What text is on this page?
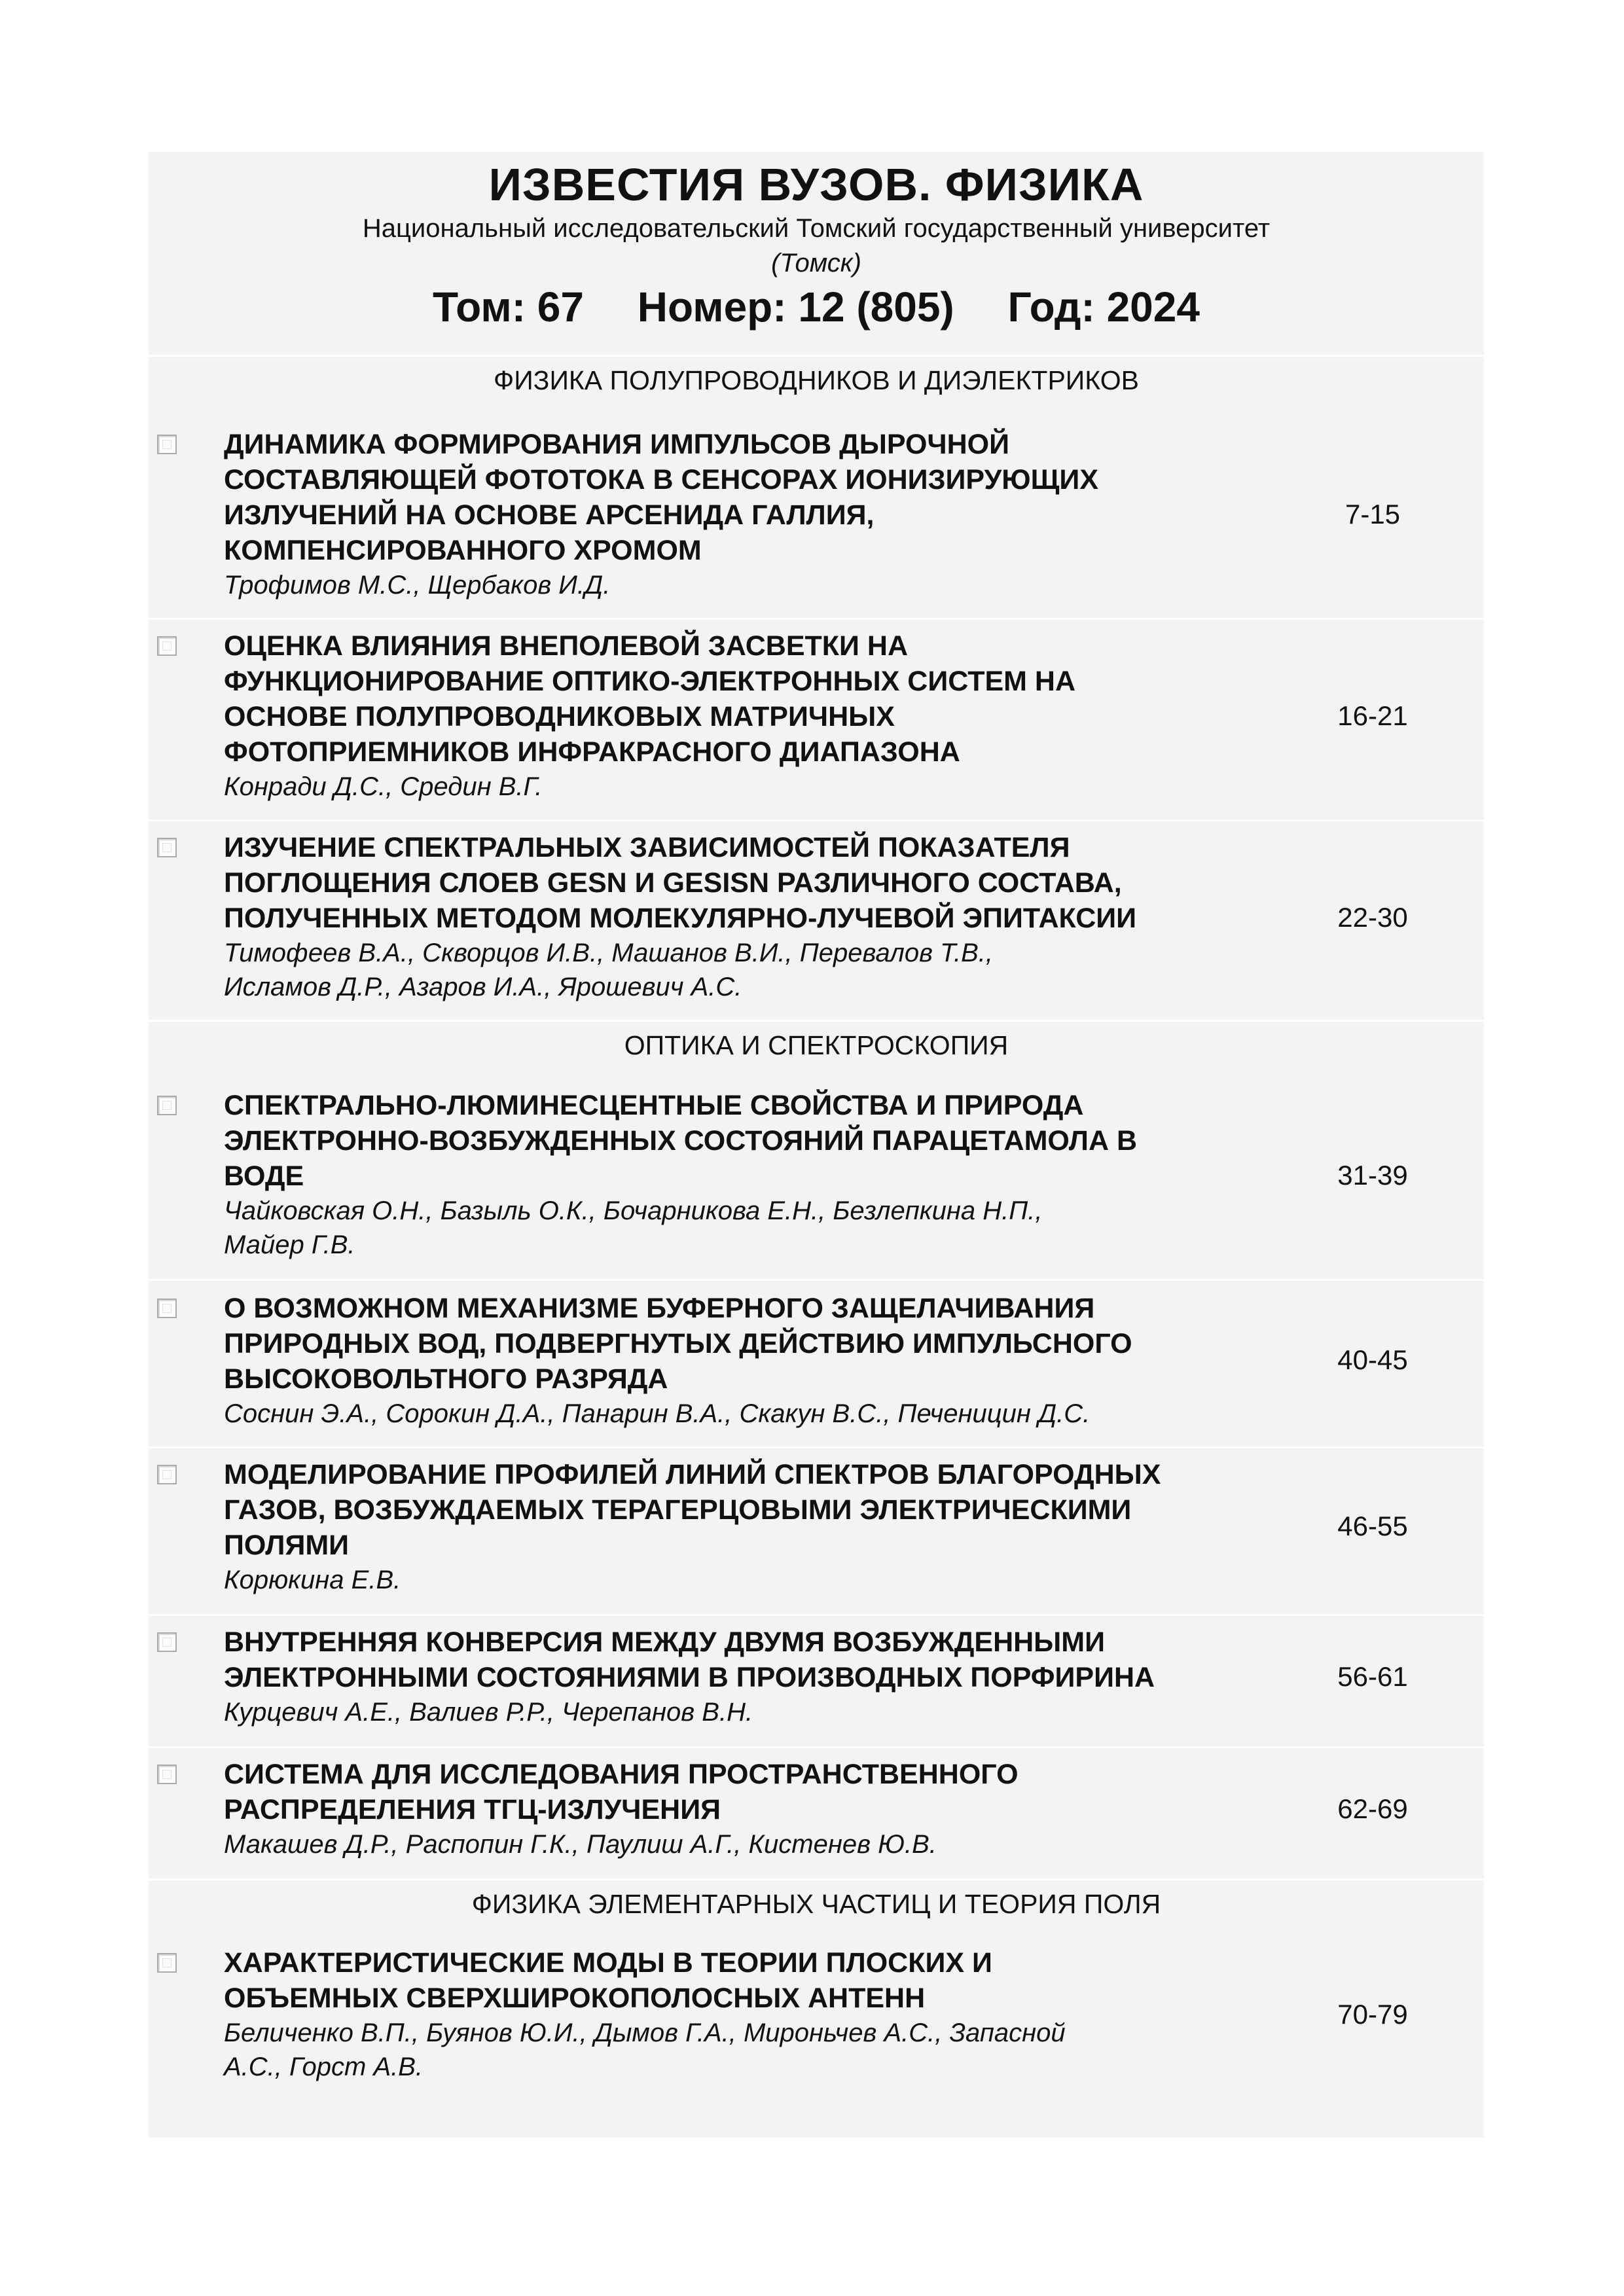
ИЗВЕСТИЯ ВУЗОВ. ФИЗИКА
Национальный исследовательский Томский государственный университет
(Томск)
Том: 67 Номер: 12 (805) Год: 2024
ФИЗИКА ПОЛУПРОВОДНИКОВ И ДИЭЛЕКТРИКОВ
ДИНАМИКА ФОРМИРОВАНИЯ ИМПУЛЬСОВ ДЫРОЧНОЙ
СОСТАВЛЯЮЩЕЙ ФОТОТОКА В СЕНСОРАХ ИОНИЗИРУЮЩИХ
ИЗЛУЧЕНИЙ НА ОСНОВЕ АРСЕНИДА ГАЛЛИЯ,
КОМПЕНСИРОВАННОГО ХРОМОМ
Трофимов М.С., Щербаков И.Д.
7-15
ОЦЕНКА ВЛИЯНИЯ ВНЕПОЛЕВОЙ ЗАСВЕТКИ НА
ФУНКЦИОНИРОВАНИЕ ОПТИКО-ЭЛЕКТРОННЫХ СИСТЕМ НА
ОСНОВЕ ПОЛУПРОВОДНИКОВЫХ МАТРИЧНЫХ
ФОТОПРИЕМНИКОВ ИНФРАКРАСНОГО ДИАПАЗОНА
Конради Д.С., Средин В.Г.
16-21
ИЗУЧЕНИЕ СПЕКТРАЛЬНЫХ ЗАВИСИМОСТЕЙ ПОКАЗАТЕЛЯ
ПОГЛОЩЕНИЯ СЛОЕВ GESN И GESISN РАЗЛИЧНОГО СОСТАВА,
ПОЛУЧЕННЫХ МЕТОДОМ МОЛЕКУЛЯРНО-ЛУЧЕВОЙ ЭПИТАКСИИ
Тимофеев В.А., Скворцов И.В., Машанов В.И., Перевалов Т.В.,
Исламов Д.Р., Азаров И.А., Ярошевич А.С.
22-30
ОПТИКА И СПЕКТРОСКОПИЯ
СПЕКТРАЛЬНО-ЛЮМИНЕСЦЕНТНЫЕ СВОЙСТВА И ПРИРОДА
ЭЛЕКТРОННО-ВОЗБУЖДЕННЫХ СОСТОЯНИЙ ПАРАЦЕТАМОЛА В
ВОДЕ
Чайковская О.Н., Базыль О.К., Бочарникова Е.Н., Безлепкина Н.П.,
Майер Г.В.
31-39
О ВОЗМОЖНОМ МЕХАНИЗМЕ БУФЕРНОГО ЗАЩЕЛАЧИВАНИЯ
ПРИРОДНЫХ ВОД, ПОДВЕРГНУТЫХ ДЕЙСТВИЮ ИМПУЛЬСНОГО
ВЫСОКОВОЛЬТНОГО РАЗРЯДА
Соснин Э.А., Сорокин Д.А., Панарин В.А., Скакун В.С., Печеницин Д.С.
40-45
МОДЕЛИРОВАНИЕ ПРОФИЛЕЙ ЛИНИЙ СПЕКТРОВ БЛАГОРОДНЫХ
ГАЗОВ, ВОЗБУЖДАЕМЫХ ТЕРАГЕРЦОВЫМИ ЭЛЕКТРИЧЕСКИМИ
ПОЛЯМИ
Корюкина Е.В.
46-55
ВНУТРЕННЯЯ КОНВЕРСИЯ МЕЖДУ ДВУМЯ ВОЗБУЖДЕННЫМИ
ЭЛЕКТРОННЫМИ СОСТОЯНИЯМИ В ПРОИЗВОДНЫХ ПОРФИРИНА
Курцевич А.Е., Валиев Р.Р., Черепанов В.Н.
56-61
СИСТЕМА ДЛЯ ИССЛЕДОВАНИЯ ПРОСТРАНСТВЕННОГО
РАСПРЕДЕЛЕНИЯ ТГЦ-ИЗЛУЧЕНИЯ
Макашев Д.Р., Распопин Г.К., Паулиш А.Г., Кистенев Ю.В.
62-69
ФИЗИКА ЭЛЕМЕНТАРНЫХ ЧАСТИЦ И ТЕОРИЯ ПОЛЯ
ХАРАКТЕРИСТИЧЕСКИЕ МОДЫ В ТЕОРИИ ПЛОСКИХ И
ОБЪЕМНЫХ СВЕРХШИРОКОПОЛОСНЫХ АНТЕНН
Беличенко В.П., Буянов Ю.И., Дымов Г.А., Мироньчев А.С., Запасной
А.С., Горст А.В.
70-79
